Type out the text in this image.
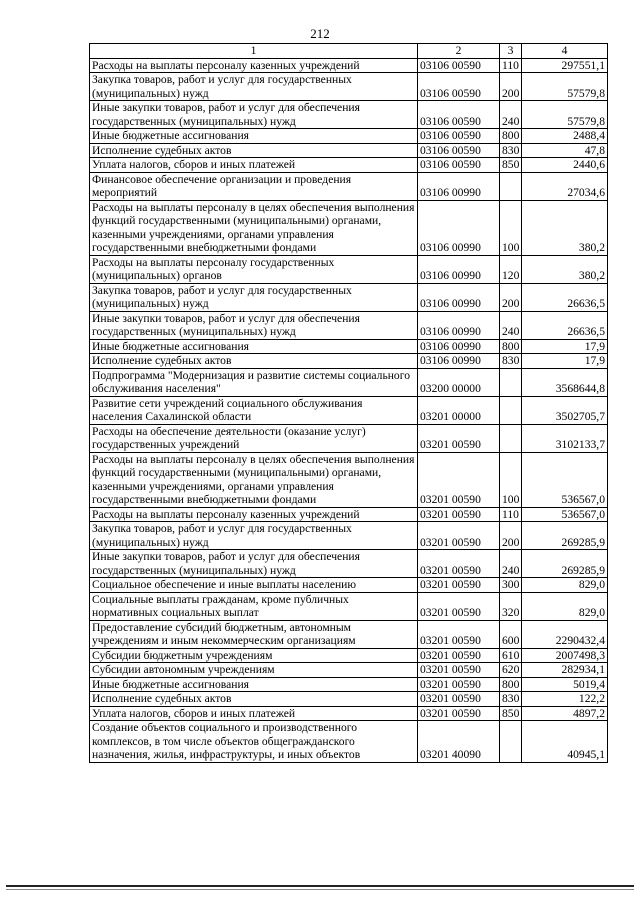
212
1	2	3	4
Расходы на выплаты персоналу казенных учреждений	03106 00590	110	297551,1
Закупка товаров, работ и услуг для государственных (муниципальных) нужд	03106 00590	200	57579,8
Иные закупки товаров, работ и услуг для обеспечения государственных (муниципальных) нужд	03106 00590	240	57579,8
Иные бюджетные ассигнования	03106 00590	800	2488,4
Исполнение судебных актов	03106 00590	830	47,8
Уплата налогов, сборов и иных платежей	03106 00590	850	2440,6
Финансовое обеспечение организации и проведения мероприятий	03106 00990		27034,6
Расходы на выплаты персоналу в целях обеспечения выполнения функций государственными (муниципальными) органами, казенными учреждениями, органами управления государственными внебюджетными фондами	03106 00990	100	380,2
Расходы на выплаты персоналу государственных (муниципальных) органов	03106 00990	120	380,2
Закупка товаров, работ и услуг для государственных (муниципальных) нужд	03106 00990	200	26636,5
Иные закупки товаров, работ и услуг для обеспечения государственных (муниципальных) нужд	03106 00990	240	26636,5
Иные бюджетные ассигнования	03106 00990	800	17,9
Исполнение судебных актов	03106 00990	830	17,9
Подпрограмма "Модернизация и развитие системы социального обслуживания населения"	03200 00000		3568644,8
Развитие сети учреждений социального обслуживания населения Сахалинской области	03201 00000		3502705,7
Расходы на обеспечение деятельности (оказание услуг) государственных учреждений	03201 00590		3102133,7
Расходы на выплаты персоналу в целях обеспечения выполнения функций государственными (муниципальными) органами, казенными учреждениями, органами управления государственными внебюджетными фондами	03201 00590	100	536567,0
Расходы на выплаты персоналу казенных учреждений	03201 00590	110	536567,0
Закупка товаров, работ и услуг для государственных (муниципальных) нужд	03201 00590	200	269285,9
Иные закупки товаров, работ и услуг для обеспечения государственных (муниципальных) нужд	03201 00590	240	269285,9
Социальное обеспечение и иные выплаты населению	03201 00590	300	829,0
Социальные выплаты гражданам, кроме публичных нормативных социальных выплат	03201 00590	320	829,0
Предоставление субсидий бюджетным, автономным учреждениям и иным некоммерческим организациям	03201 00590	600	2290432,4
Субсидии бюджетным учреждениям	03201 00590	610	2007498,3
Субсидии автономным учреждениям	03201 00590	620	282934,1
Иные бюджетные ассигнования	03201 00590	800	5019,4
Исполнение судебных актов	03201 00590	830	122,2
Уплата налогов, сборов и иных платежей	03201 00590	850	4897,2
Создание объектов социального и производственного комплексов, в том числе объектов общегражданского назначения, жилья, инфраструктуры, и иных объектов	03201 40090		40945,1
